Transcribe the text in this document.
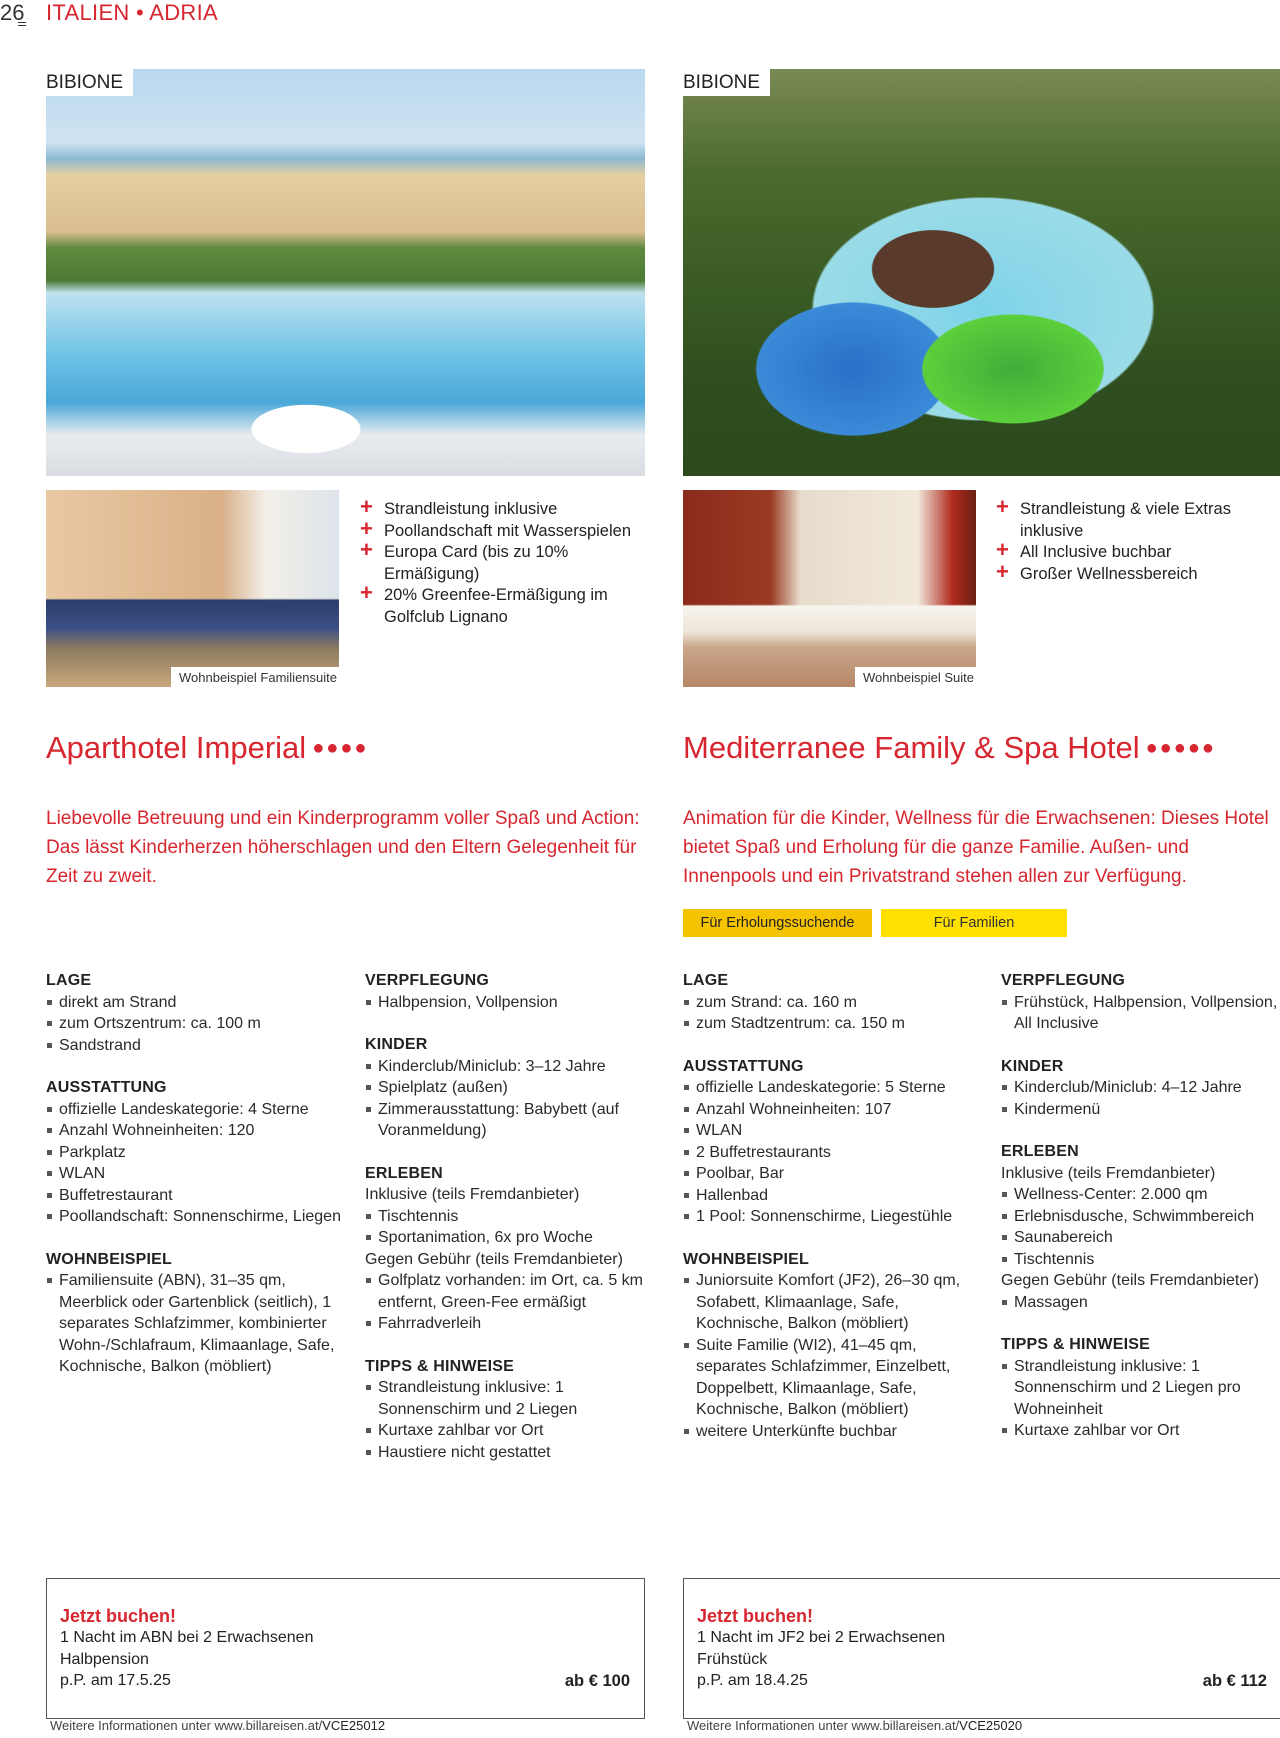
26 ITALIEN • ADRIA
BIBIONE
Wohnbeispiel Familiensuite
+ Strandleistung inklusive
+ Poollandschaft mit Wasserspielen
+ Europa Card (bis zu 10% Ermäßigung)
+ 20% Greenfee-Ermäßigung im Golfclub Lignano
BIBIONE
Wohnbeispiel Suite
+ Strandleistung & viele Extras inklusive
+ All Inclusive buchbar
+ Großer Wellnessbereich
Aparthotel Imperial ●●●●	Mediterranee Family & Spa Hotel ●●●●●

Liebevolle Betreuung und ein Kinderprogramm voller Spaß und Action: Das lässt Kinderherzen höherschlagen und den Eltern Gelegenheit für Zeit zu zweit.

Animation für die Kinder, Wellness für die Erwachsenen: Dieses Hotel bietet Spaß und Erholung für die ganze Familie. Außen- und Innenpools und ein Privatstrand stehen allen zur Verfügung.

Für Erholungssuchende	Für Familien
LAGE
direkt am Strand
zum Ortszentrum: ca. 100 m
Sandstrand
AUSSTATTUNG
offizielle Landeskategorie: 4 Sterne
Anzahl Wohneinheiten: 120
Parkplatz
WLAN
Buffetrestaurant
Poollandschaft: Sonnenschirme, Liegen
WOHNBEISPIEL
Familiensuite (ABN), 31–35 qm, Meerblick oder Gartenblick (seitlich), 1 separates Schlafzimmer, kombinierter Wohn-/Schlafraum, Klimaanlage, Safe, Kochnische, Balkon (möbliert)
VERPFLEGUNG
Halbpension, Vollpension
KINDER
Kinderclub/Miniclub: 3–12 Jahre
Spielplatz (außen)
Zimmerausstattung: Babybett (auf Voranmeldung)
ERLEBEN
Inklusive (teils Fremdanbieter)
Tischtennis
Sportanimation, 6x pro Woche
Gegen Gebühr (teils Fremdanbieter)
Golfplatz vorhanden: im Ort, ca. 5 km entfernt, Green-Fee ermäßigt
Fahrradverleih
TIPPS & HINWEISE
Strandleistung inklusive: 1 Sonnenschirm und 2 Liegen
Kurtaxe zahlbar vor Ort
Haustiere nicht gestattet
LAGE
zum Strand: ca. 160 m
zum Stadtzentrum: ca. 150 m
AUSSTATTUNG
offizielle Landeskategorie: 5 Sterne
Anzahl Wohneinheiten: 107
WLAN
2 Buffetrestaurants
Poolbar, Bar
Hallenbad
1 Pool: Sonnenschirme, Liegestühle
WOHNBEISPIEL
Juniorsuite Komfort (JF2), 26–30 qm, Sofabett, Klimaanlage, Safe, Kochnische, Balkon (möbliert)
Suite Familie (WI2), 41–45 qm, separates Schlafzimmer, Einzelbett, Doppelbett, Klimaanlage, Safe, Kochnische, Balkon (möbliert)
weitere Unterkünfte buchbar
VERPFLEGUNG
Frühstück, Halbpension, Vollpension, All Inclusive
KINDER
Kinderclub/Miniclub: 4–12 Jahre
Kindermenü
ERLEBEN
Inklusive (teils Fremdanbieter)
Wellness-Center: 2.000 qm
Erlebnisdusche, Schwimmbereich
Saunabereich
Tischtennis
Gegen Gebühr (teils Fremdanbieter)
Massagen
TIPPS & HINWEISE
Strandleistung inklusive: 1 Sonnenschirm und 2 Liegen pro Wohneinheit
Kurtaxe zahlbar vor Ort
Jetzt buchen!
1 Nacht im ABN bei 2 Erwachsenen
Halbpension
p.P. am 17.5.25	ab € 100
Jetzt buchen!
1 Nacht im JF2 bei 2 Erwachsenen
Frühstück
p.P. am 18.4.25	ab € 112
Weitere Informationen unter www.billareisen.at/VCE25012	Weitere Informationen unter www.billareisen.at/VCE25020
